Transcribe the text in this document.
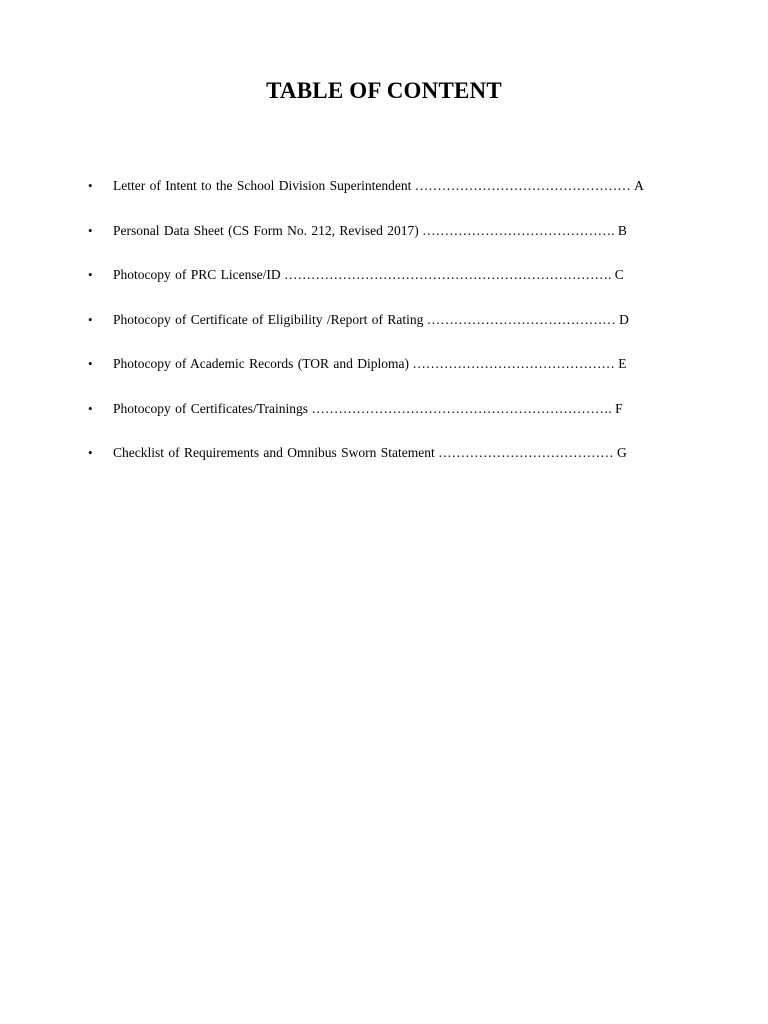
TABLE OF CONTENT
• Letter of Intent to the School Division Superintendent ………………………………………… A
• Personal Data Sheet (CS Form No. 212, Revised 2017) ……………………………………. B
• Photocopy of PRC License/ID ………………………………………………………………. C
• Photocopy of Certificate of Eligibility /Report of Rating …………………………………… D
• Photocopy of Academic Records (TOR and Diploma) ……………………………………… E
• Photocopy of Certificates/Trainings …………………………………………………………. F
• Checklist of Requirements and Omnibus Sworn Statement ………………………………… G
